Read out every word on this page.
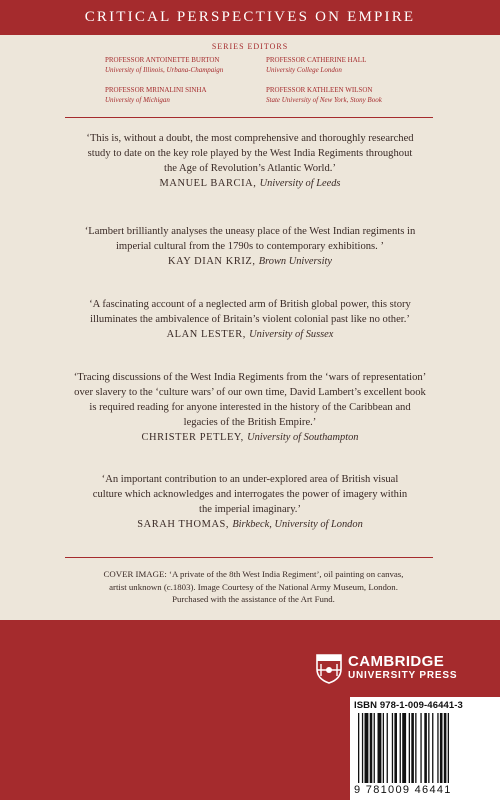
CRITICAL PERSPECTIVES ON EMPIRE
SERIES EDITORS
PROFESSOR ANTOINETTE BURTON
University of Illinois, Urbana-Champaign
PROFESSOR CATHERINE HALL
University College London
PROFESSOR MRINALINI SINHA
University of Michigan
PROFESSOR KATHLEEN WILSON
State University of New York, Stony Book
‘This is, without a doubt, the most comprehensive and thoroughly researched
study to date on the key role played by the West India Regiments throughout
the Age of Revolution’s Atlantic World.’
MANUEL BARCIA, University of Leeds
‘Lambert brilliantly analyses the uneasy place of the West Indian regiments in
imperial cultural from the 1790s to contemporary exhibitions. ’
KAY DIAN KRIZ, Brown University
‘A fascinating account of a neglected arm of British global power, this story
illuminates the ambivalence of Britain’s violent colonial past like no other.’
ALAN LESTER, University of Sussex
‘Tracing discussions of the West India Regiments from the ‘wars of representation’
over slavery to the ‘culture wars’ of our own time, David Lambert’s excellent book
is required reading for anyone interested in the history of the Caribbean and
legacies of the British Empire.’
CHRISTER PETLEY, University of Southampton
‘An important contribution to an under-explored area of British visual
culture which acknowledges and interrogates the power of imagery within
the imperial imaginary.’
SARAH THOMAS, Birkbeck, University of London
COVER IMAGE: ‘A private of the 8th West India Regiment’, oil painting on canvas,
artist unknown (c.1803). Image Courtesy of the National Army Museum, London.
Purchased with the assistance of the Art Fund.
CAMBRIDGE
UNIVERSITY PRESS
ISBN 978-1-009-46441-3
9 781009 46441
